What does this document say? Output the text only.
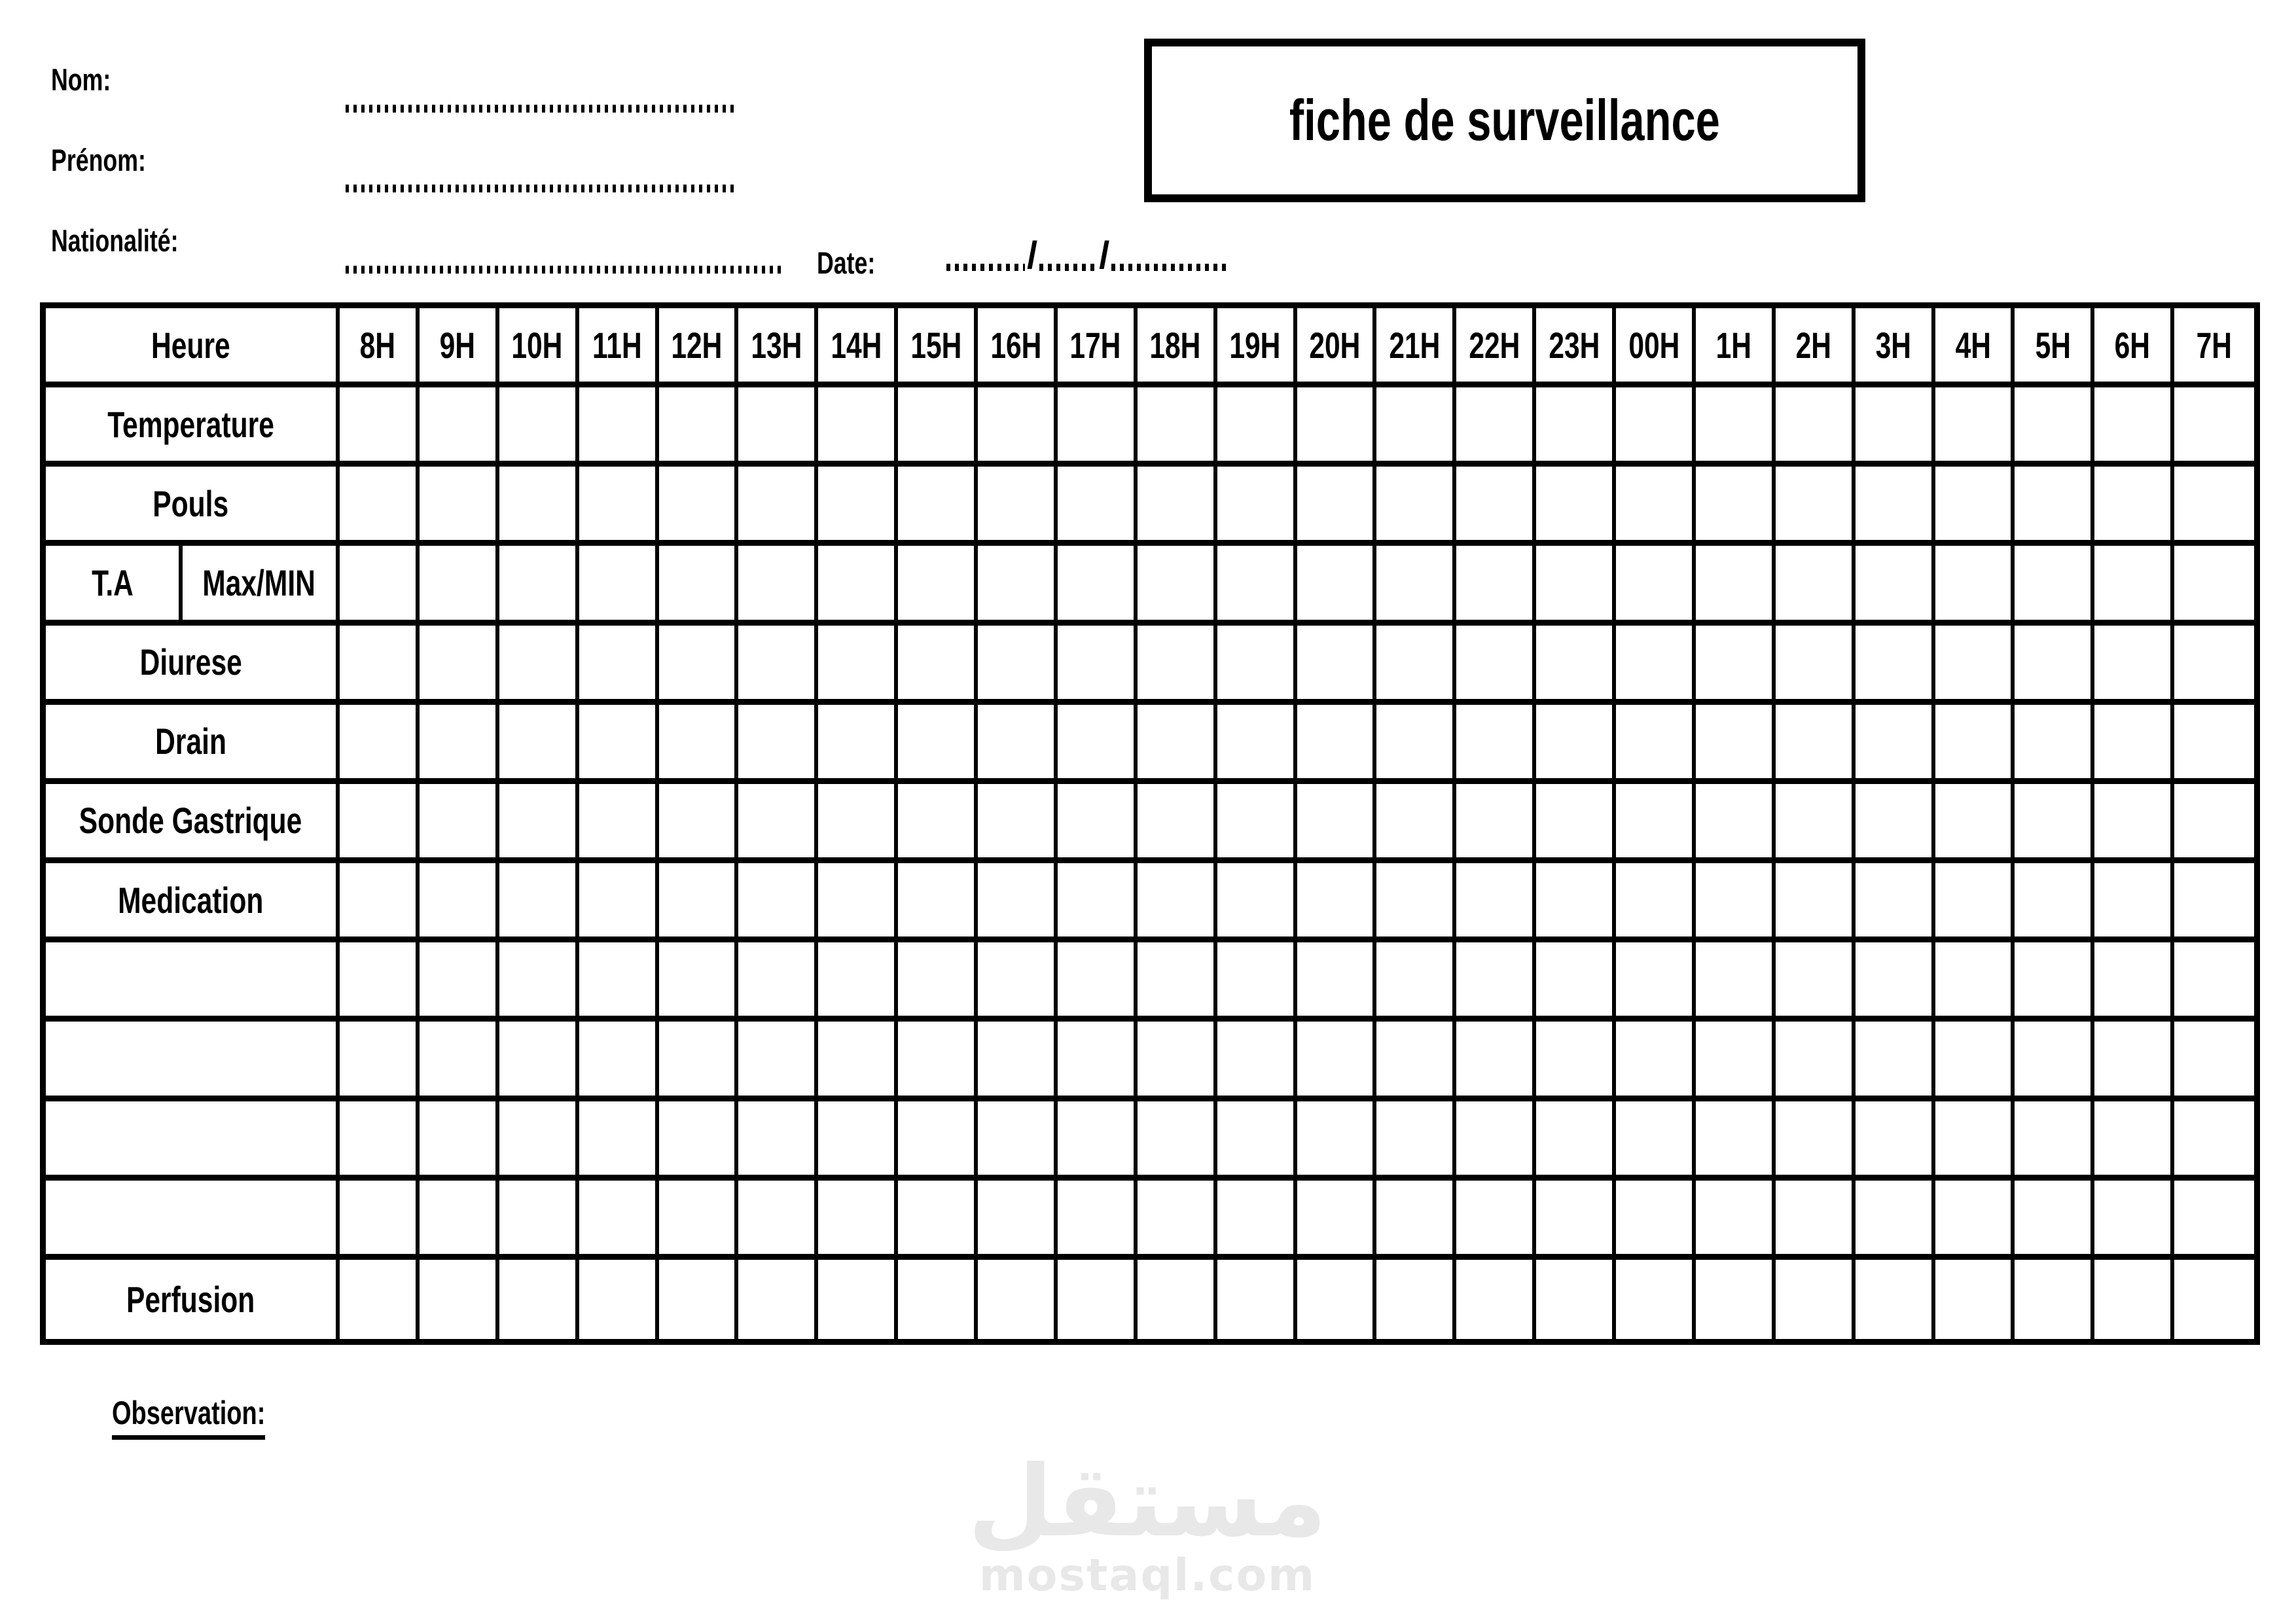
Nom:
Prénom:
Nationalité:
Date:	/ /
fiche de surveillance
Heure	8H 9H 10H 11H 12H 13H 14H 15H 16H 17H 18H 19H 20H 21H 22H 23H 00H 1H 2H 3H 4H 5H 6H 7H
Temperature
Pouls
T.A Max/MIN
Diurese
Drain
Sonde Gastrique
Medication
Perfusion
Observation:
مستقل
mostaql.com
